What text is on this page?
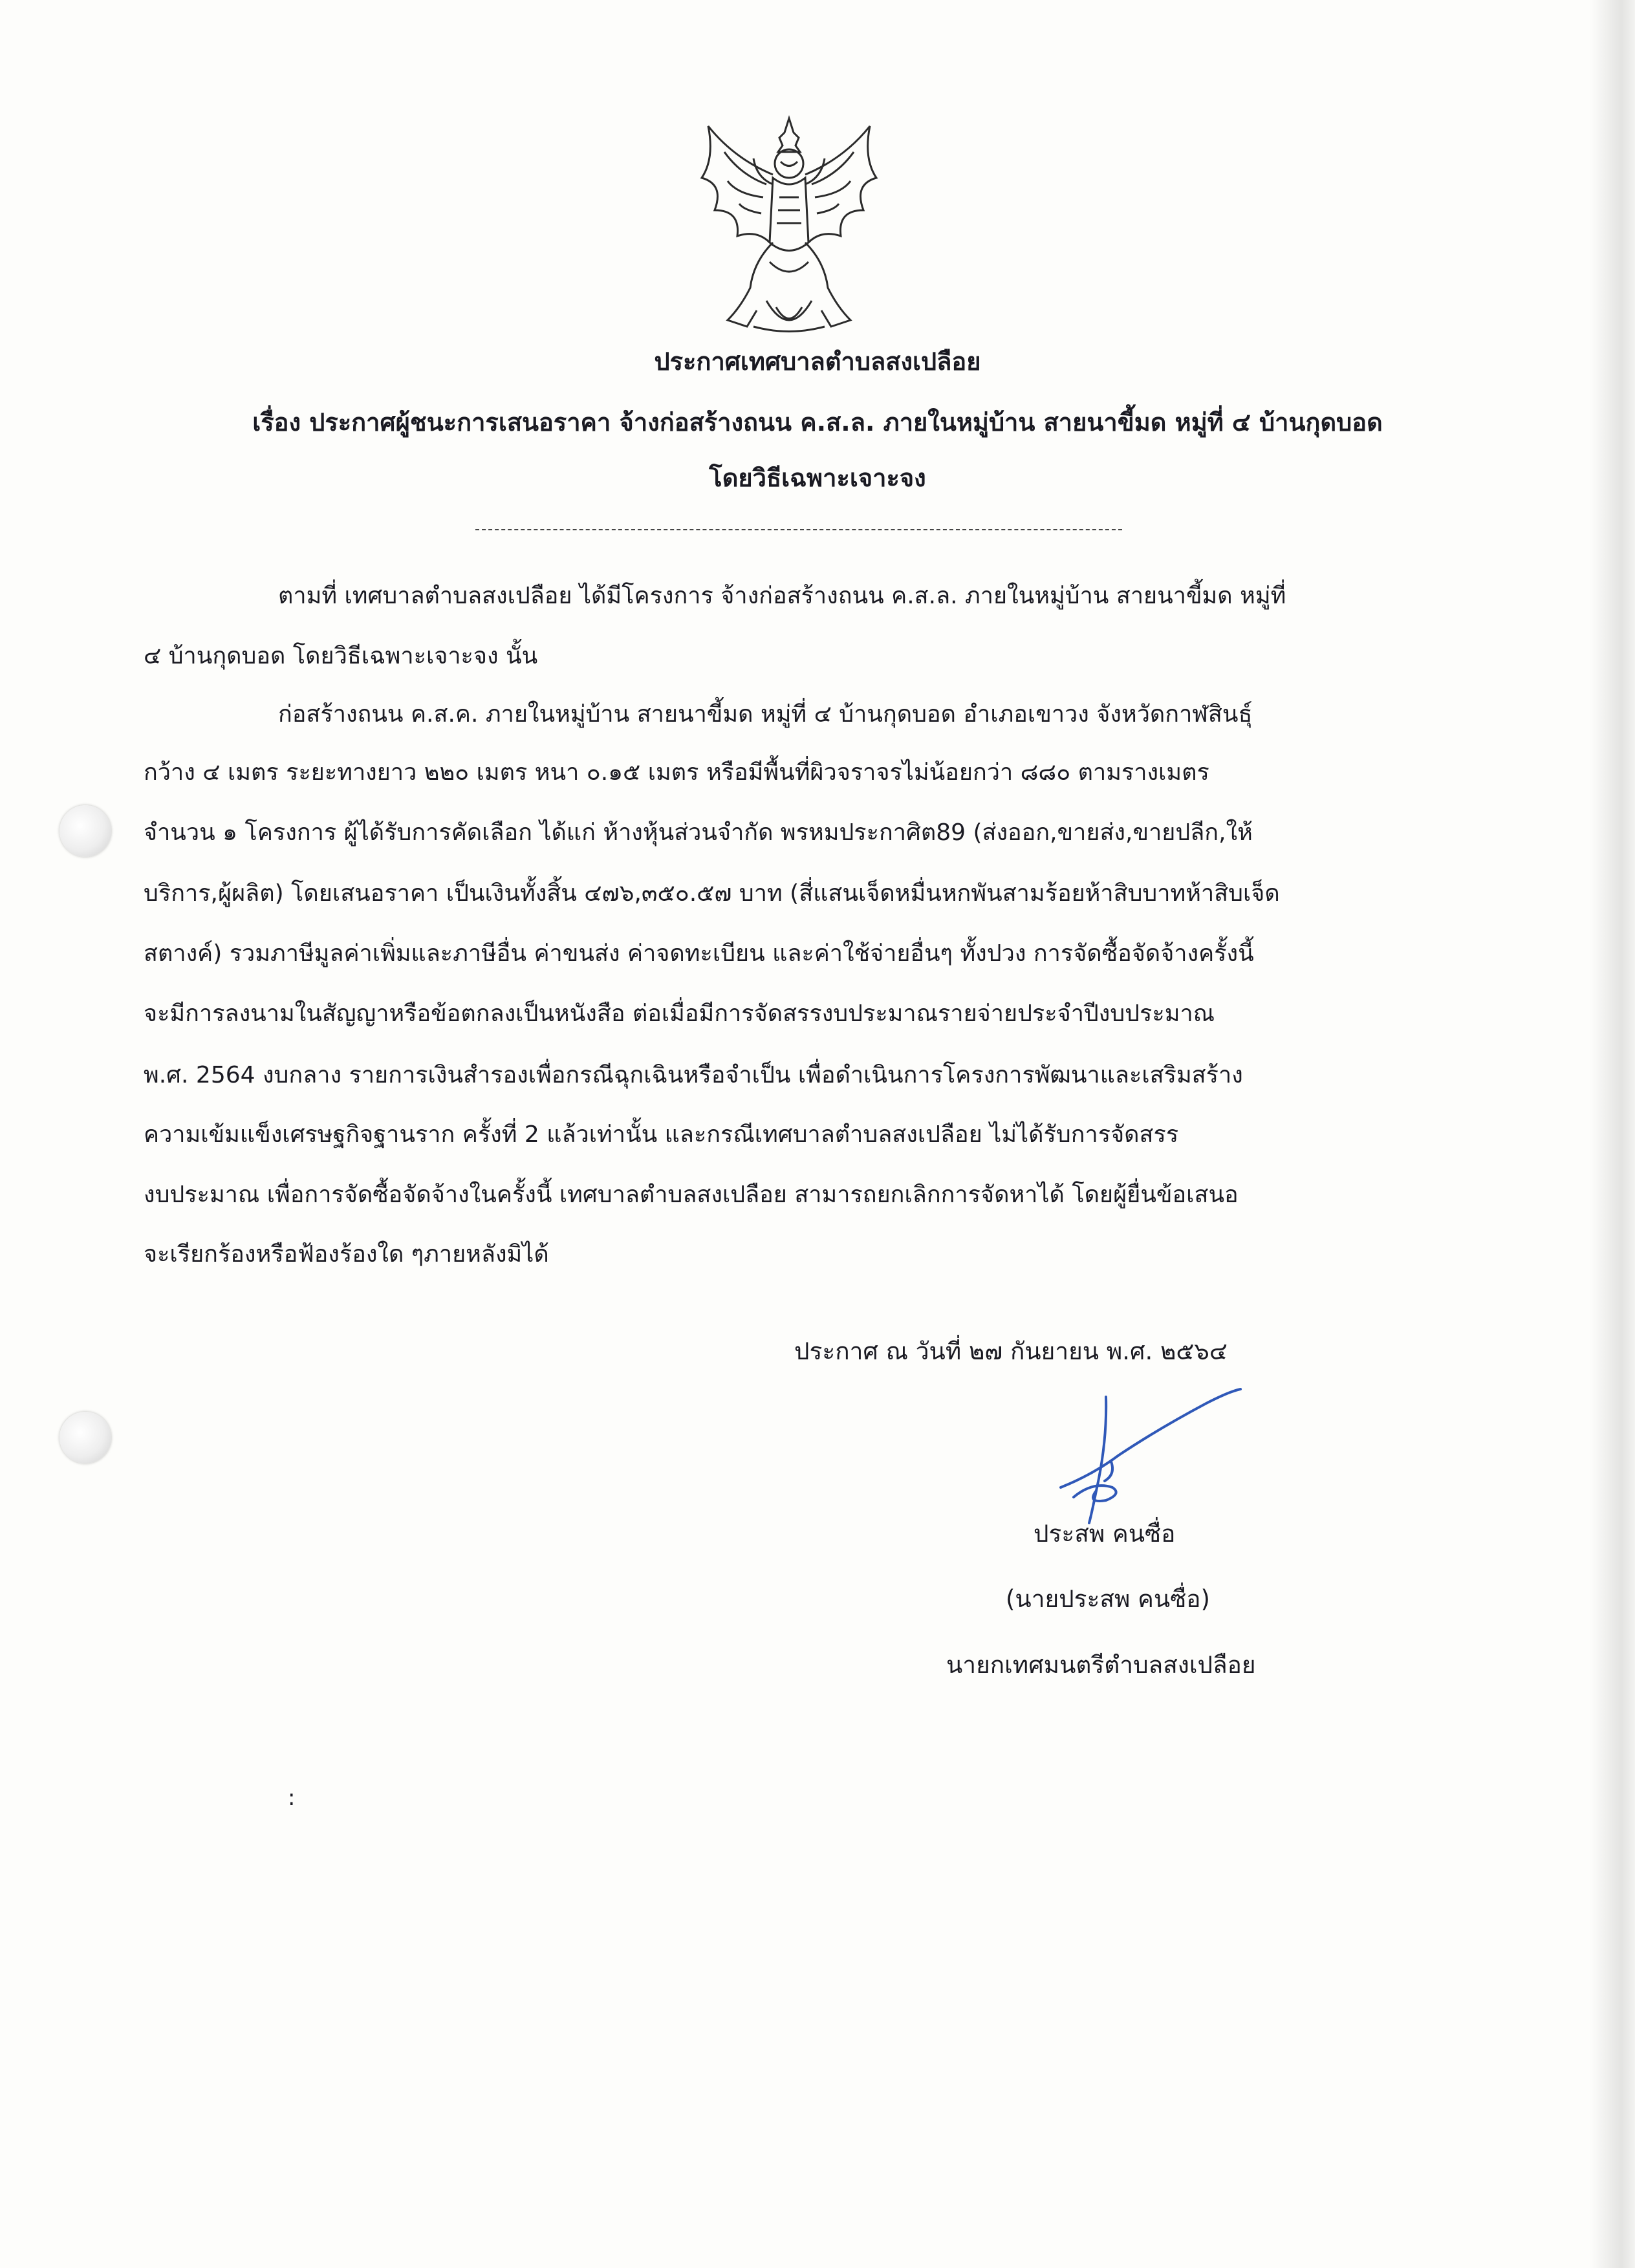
ประกาศเทศบาลตำบลสงเปลือย
เรื่อง ประกาศผู้ชนะการเสนอราคา จ้างก่อสร้างถนน ค.ส.ล. ภายในหมู่บ้าน สายนาขี้มด หมู่ที่ ๔ บ้านกุดบอด
โดยวิธีเฉพาะเจาะจง
ตามที่ เทศบาลตำบลสงเปลือย ได้มีโครงการ จ้างก่อสร้างถนน ค.ส.ล. ภายในหมู่บ้าน สายนาขี้มด หมู่ที่
๔ บ้านกุดบอด โดยวิธีเฉพาะเจาะจง นั้น
ก่อสร้างถนน ค.ส.ค. ภายในหมู่บ้าน สายนาขี้มด หมู่ที่ ๔ บ้านกุดบอด อำเภอเขาวง จังหวัดกาฬสินธุ์
กว้าง ๔ เมตร ระยะทางยาว ๒๒๐ เมตร หนา ๐.๑๕ เมตร หรือมีพื้นที่ผิวจราจรไม่น้อยกว่า ๘๘๐ ตามรางเมตร
จำนวน ๑ โครงการ ผู้ได้รับการคัดเลือก ได้แก่ ห้างหุ้นส่วนจำกัด พรหมประกาศิต89 (ส่งออก,ขายส่ง,ขายปลีก,ให้
บริการ,ผู้ผลิต) โดยเสนอราคา เป็นเงินทั้งสิ้น ๔๗๖,๓๕๐.๕๗ บาท (สี่แสนเจ็ดหมื่นหกพันสามร้อยห้าสิบบาทห้าสิบเจ็ด
สตางค์) รวมภาษีมูลค่าเพิ่มและภาษีอื่น ค่าขนส่ง ค่าจดทะเบียน และค่าใช้จ่ายอื่นๆ ทั้งปวง การจัดซื้อจัดจ้างครั้งนี้
จะมีการลงนามในสัญญาหรือข้อตกลงเป็นหนังสือ ต่อเมื่อมีการจัดสรรงบประมาณรายจ่ายประจำปีงบประมาณ
พ.ศ. 2564 งบกลาง รายการเงินสำรองเพื่อกรณีฉุกเฉินหรือจำเป็น เพื่อดำเนินการโครงการพัฒนาและเสริมสร้าง
ความเข้มแข็งเศรษฐกิจฐานราก ครั้งที่ 2 แล้วเท่านั้น และกรณีเทศบาลตำบลสงเปลือย ไม่ได้รับการจัดสรร
งบประมาณ เพื่อการจัดซื้อจัดจ้างในครั้งนี้ เทศบาลตำบลสงเปลือย สามารถยกเลิกการจัดหาได้ โดยผู้ยื่นข้อเสนอ
จะเรียกร้องหรือฟ้องร้องใด ๆภายหลังมิได้
ประกาศ ณ วันที่ ๒๗ กันยายน พ.ศ. ๒๕๖๔
ประสพ คนซื่อ
(นายประสพ คนซื่อ)
นายกเทศมนตรีตำบลสงเปลือย
:
